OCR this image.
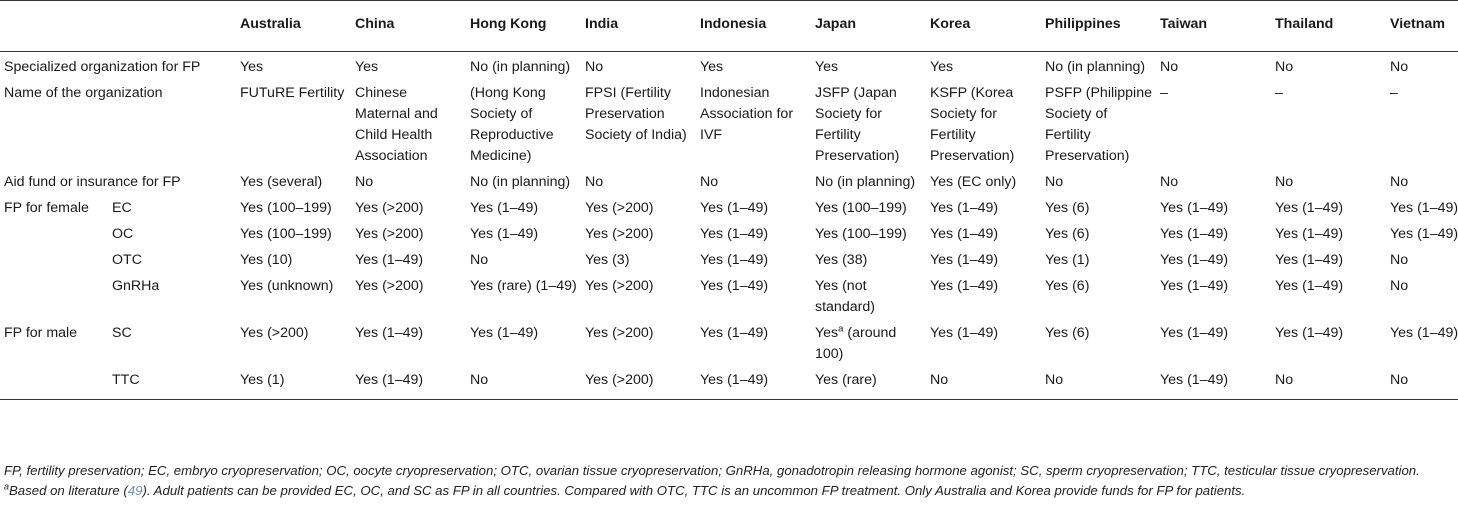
		Australia	China	Hong Kong	India	Indonesia	Japan	Korea	Philippines	Taiwan	Thailand	Vietnam
Specialized organization for FP		Yes	Yes	No (in planning)	No	Yes	Yes	Yes	No (in planning)	No	No	No
Name of the organization		FUTuRE Fertility	Chinese Maternal and Child Health Association	(Hong Kong Society of Reproductive Medicine)	FPSI (Fertility Preservation Society of India)	Indonesian Association for IVF	JSFP (Japan Society for Fertility Preservation)	KSFP (Korea Society for Fertility Preservation)	PSFP (Philippine Society of Fertility Preservation)	–	–	–
Aid fund or insurance for FP		Yes (several)	No	No (in planning)	No	No	No (in planning)	Yes (EC only)	No	No	No	No
FP for female	EC	Yes (100–199)	Yes (>200)	Yes (1–49)	Yes (>200)	Yes (1–49)	Yes (100–199)	Yes (1–49)	Yes (6)	Yes (1–49)	Yes (1–49)	Yes (1–49)
	OC	Yes (100–199)	Yes (>200)	Yes (1–49)	Yes (>200)	Yes (1–49)	Yes (100–199)	Yes (1–49)	Yes (6)	Yes (1–49)	Yes (1–49)	Yes (1–49)
	OTC	Yes (10)	Yes (1–49)	No	Yes (3)	Yes (1–49)	Yes (38)	Yes (1–49)	Yes (1)	Yes (1–49)	Yes (1–49)	No
	GnRHa	Yes (unknown)	Yes (>200)	Yes (rare) (1–49)	Yes (>200)	Yes (1–49)	Yes (not standard)	Yes (1–49)	Yes (6)	Yes (1–49)	Yes (1–49)	No
FP for male	SC	Yes (>200)	Yes (1–49)	Yes (1–49)	Yes (>200)	Yes (1–49)	Yes$^a$ (around 100)	Yes (1–49)	Yes (6)	Yes (1–49)	Yes (1–49)	Yes (1–49)
	TTC	Yes (1)	Yes (1–49)	No	Yes (>200)	Yes (1–49)	Yes (rare)	No	No	Yes (1–49)	No	No
FP, fertility preservation; EC, embryo cryopreservation; OC, oocyte cryopreservation; OTC, ovarian tissue cryopreservation; GnRHa, gonadotropin releasing hormone agonist; SC, sperm cryopreservation; TTC, testicular tissue cryopreservation. $^a$Based on literature (49). Adult patients can be provided EC, OC, and SC as FP in all countries. Compared with OTC, TTC is an uncommon FP treatment. Only Australia and Korea provide funds for FP for patients.
